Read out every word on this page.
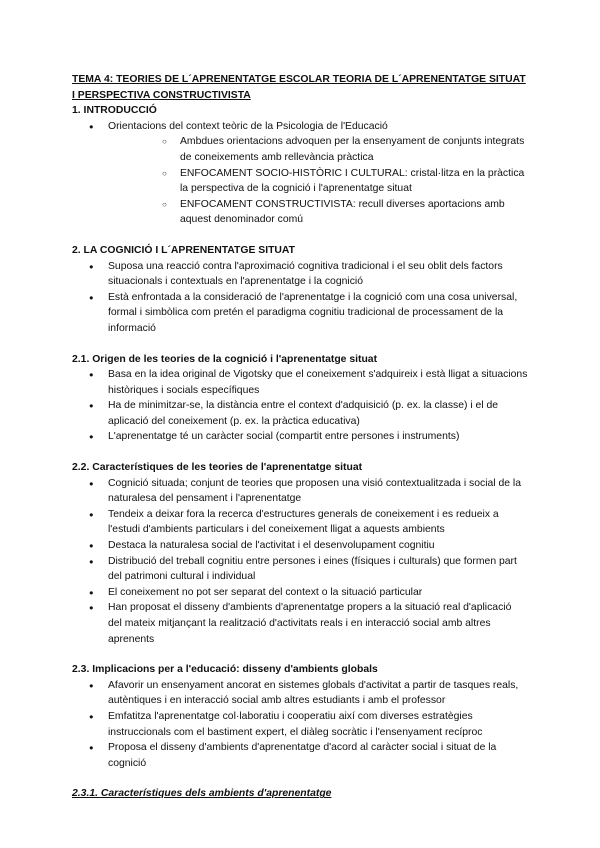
TEMA 4: TEORIES DE L´APRENENTATGE ESCOLAR TEORIA DE L´APRENENTATGE SITUAT I PERSPECTIVA CONSTRUCTIVISTA

1. INTRODUCCIÓ

● Orientacions del context teòric de la Psicologia de l'Educació
○ Ambdues orientacions advoquen per la ensenyament de conjunts integrats de coneixements amb rellevància pràctica
○ ENFOCAMENT SOCIO-HISTÒRIC I CULTURAL: cristal·litza en la pràctica la perspectiva de la cognició i l'aprenentatge situat
○ ENFOCAMENT CONSTRUCTIVISTA: recull diverses aportacions amb aquest denominador comú

2. LA COGNICIÓ I L´APRENENTATGE SITUAT

● Suposa una reacció contra l'aproximació cognitiva tradicional i el seu oblit dels factors situacionals i contextuals en l'aprenentatge i la cognició
● Està enfrontada a la consideració de l'aprenentatge i la cognició com una cosa universal, formal i simbòlica com pretén el paradigma cognitiu tradicional de processament de la informació

2.1. Origen de les teories de la cognició i l'aprenentatge situat

● Basa en la idea original de Vigotsky que el coneixement s'adquireix i està lligat a situacions històriques i socials específiques
● Ha de minimitzar-se, la distància entre el context d'adquisició (p. ex. la classe) i el de aplicació del coneixement (p. ex. la pràctica educativa)
● L'aprenentatge té un caràcter social (compartit entre persones i instruments)

2.2. Característiques de les teories de l'aprenentatge situat

● Cognició situada; conjunt de teories que proposen una visió contextualitzada i social de la naturalesa del pensament i l'aprenentatge
● Tendeix a deixar fora la recerca d'estructures generals de coneixement i es redueix a l'estudi d'ambients particulars i del coneixement lligat a aquests ambients
● Destaca la naturalesa social de l'activitat i el desenvolupament cognitiu
● Distribució del treball cognitiu entre persones i eines (físiques i culturals) que formen part del patrimoni cultural i individual
● El coneixement no pot ser separat del context o la situació particular
● Han proposat el disseny d'ambients d'aprenentatge propers a la situació real d'aplicació del mateix mitjançant la realització d'activitats reals i en interacció social amb altres aprenents

2.3. Implicacions per a l'educació: disseny d'ambients globals

● Afavorir un ensenyament ancorat en sistemes globals d'activitat a partir de tasques reals, autèntiques i en interacció social amb altres estudiants i amb el professor
● Emfatitza l'aprenentatge col·laboratiu i cooperatiu així com diverses estratègies instruccionals com el bastiment expert, el diàleg socràtic i l'ensenyament recíproc
● Proposa el disseny d'ambients d'aprenentatge d'acord al caràcter social i situat de la cognició

2.3.1. Característiques dels ambients d'aprenentatge
